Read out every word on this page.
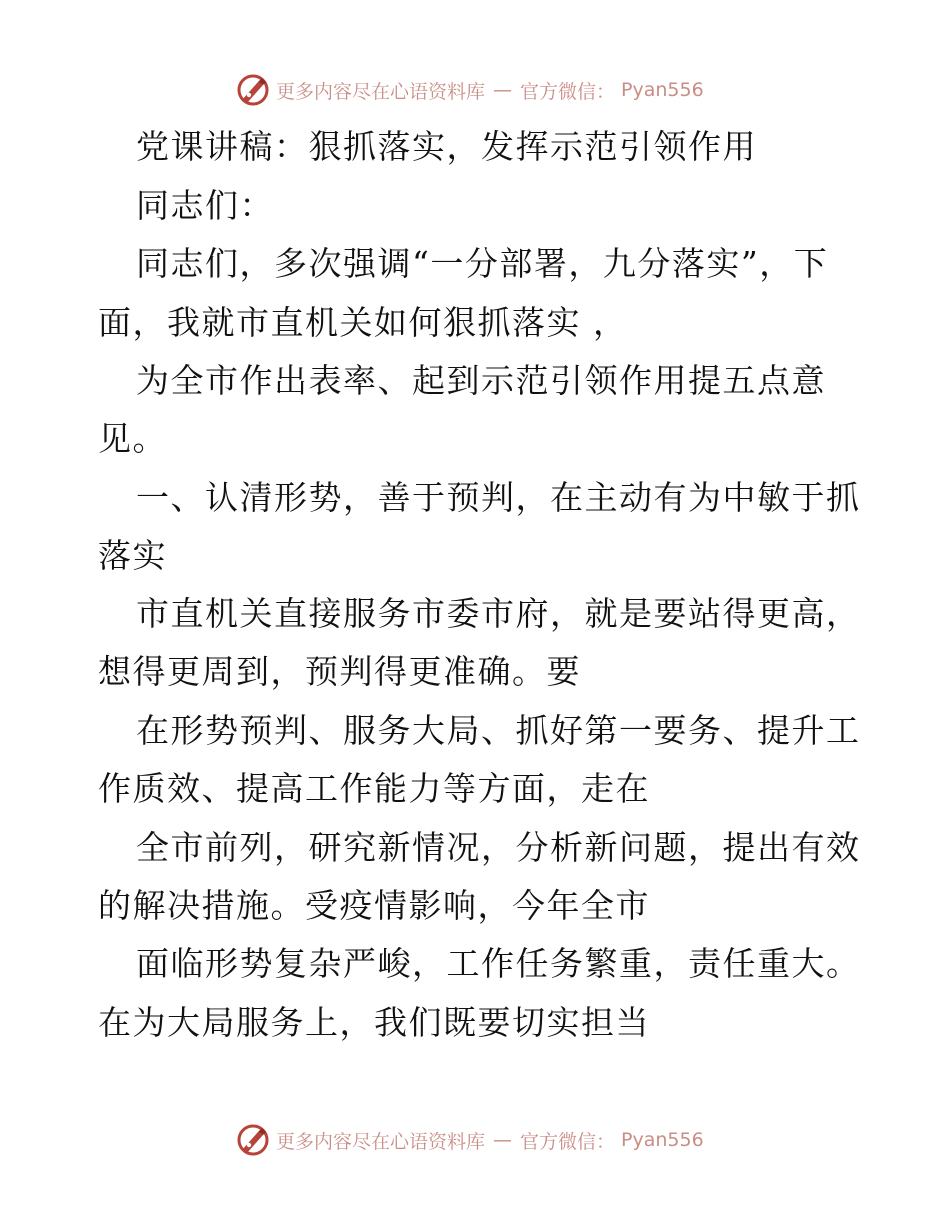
更多内容尽在心语资料库 — 官方微信： Pyan556
党课讲稿：狠抓落实，发挥示范引领作用
同志们：
同志们，多次强调“一分部署，九分落实”，下
面，我就市直机关如何狠抓落实 ，
为全市作出表率、起到示范引领作用提五点意
见。
一、认清形势，善于预判，在主动有为中敏于抓
落实
市直机关直接服务市委市府，就是要站得更高，
想得更周到，预判得更准确。要
在形势预判、服务大局、抓好第一要务、提升工
作质效、提高工作能力等方面，走在
全市前列，研究新情况，分析新问题，提出有效
的解决措施。受疫情影响，今年全市
面临形势复杂严峻，工作任务繁重，责任重大。
在为大局服务上，我们既要切实担当
更多内容尽在心语资料库 — 官方微信： Pyan556
